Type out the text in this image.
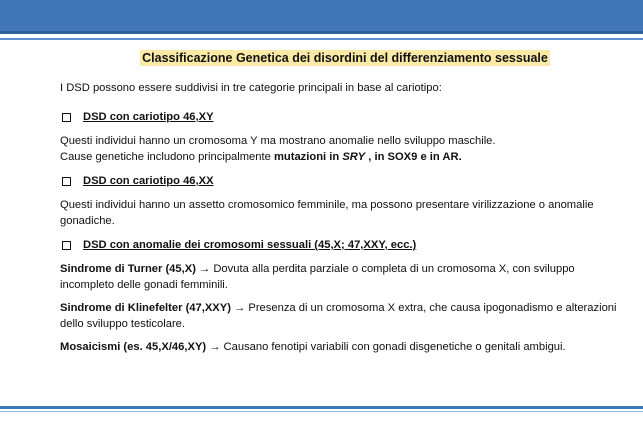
Classificazione Genetica dei disordini del differenziamento sessuale
I DSD possono essere suddivisi in tre categorie principali in base al cariotipo:
DSD con cariotipo 46,XY
Questi individui hanno un cromosoma Y ma mostrano anomalie nello sviluppo maschile.
Cause genetiche includono principalmente mutazioni in SRY , in SOX9 e in AR.
DSD con cariotipo 46,XX
Questi individui hanno un assetto cromosomico femminile, ma possono presentare virilizzazione o anomalie gonadiche.
DSD con anomalie dei cromosomi sessuali (45,X; 47,XXY, ecc.)
Sindrome di Turner (45,X) → Dovuta alla perdita parziale o completa di un cromosoma X, con sviluppo incompleto delle gonadi femminili.
Sindrome di Klinefelter (47,XXY) → Presenza di un cromosoma X extra, che causa ipogonadismo e alterazioni dello sviluppo testicolare.
Mosaicismi (es. 45,X/46,XY) → Causano fenotipi variabili con gonadi disgenetiche o genitali ambigui.
